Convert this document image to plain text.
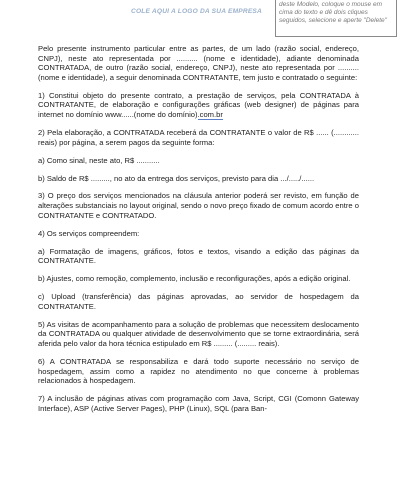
COLE AQUI A LOGO DA SUA EMPRESA
deste Modelo, coloque o mouse em cima do texto e dê dois cliques seguidos, selecione e aperte "Delete"

Pelo presente instrumento particular entre as partes, de um lado (razão social, endereço, CNPJ), neste ato representada por .......... (nome e identidade), adiante denominada CONTRATADA, de outro (razão social, endereço, CNPJ), neste ato representada por .......... (nome e identidade), a seguir denominada CONTRATANTE, tem justo e contratado o seguinte:

1) Constitui objeto do presente contrato, a prestação de serviços, pela CONTRATADA à CONTRATANTE, de elaboração e configurações gráficas (web designer) de páginas para internet no domínio www......(nome do domínio).com.br

2) Pela elaboração, a CONTRATADA receberá da CONTRATANTE o valor de R$ ...... (............ reais) por página, a serem pagos da seguinte forma:

a) Como sinal, neste ato, R$ ...........

b) Saldo de R$ ........., no ato da entrega dos serviços, previsto para dia .../...../......

3) O preço dos serviços mencionados na cláusula anterior poderá ser revisto, em função de alterações substanciais no layout original, sendo o novo preço fixado de comum acordo entre o CONTRATANTE e CONTRATADO.

4) Os serviços compreendem:

a) Formatação de imagens, gráficos, fotos e textos, visando a edição das páginas da CONTRATANTE.

b) Ajustes, como remoção, complemento, inclusão e reconfigurações, após a edição original.

c) Upload (transferência) das páginas aprovadas, ao servidor de hospedagem da CONTRATANTE.

5) As visitas de acompanhamento para a solução de problemas que necessitem deslocamento da CONTRATADA ou qualquer atividade de desenvolvimento que se torne extraordinária, será aferida pelo valor da hora técnica estipulado em R$ ......... (......... reais).

6) A CONTRATADA se responsabiliza e dará todo suporte necessário no serviço de hospedagem, assim como a rapidez no atendimento no que concerne à problemas relacionados à hospedagem.

7) A inclusão de páginas ativas com programação com Java, Script, CGI (Comonn Gateway Interface), ASP (Active Server Pages), PHP (Linux), SQL (para Ban-
